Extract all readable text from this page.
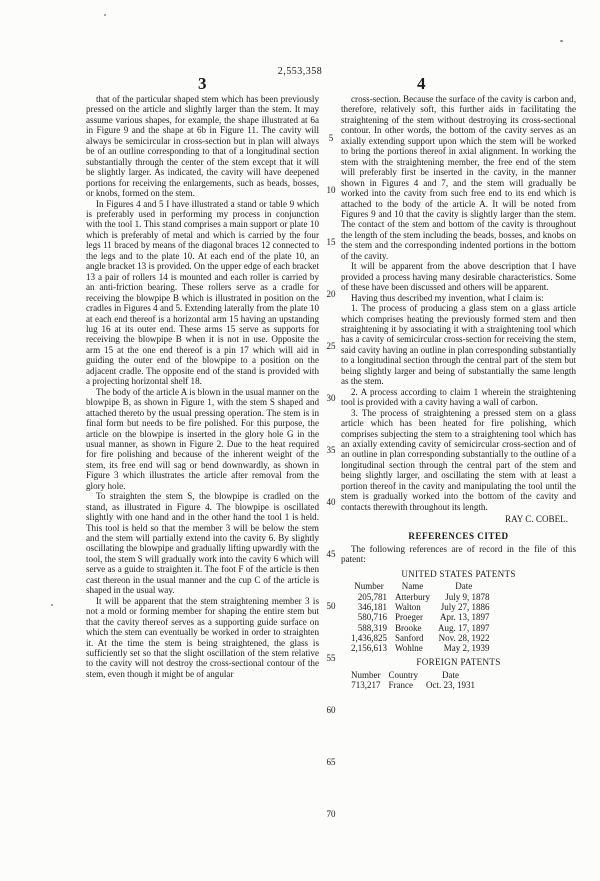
2,553,358
3	4

that of the particular shaped stem which has been previously pressed on the article and slightly larger than the stem. It may assume various shapes, for example, the shape illustrated at 6a in Figure 9 and the shape at 6b in Figure 11. The cavity will always be semicircular in cross-section but in plan will always be of an outline corresponding to that of a longitudinal section substantially through the center of the stem except that it will be slightly larger. As indicated, the cavity will have deepened portions for receiving the enlargements, such as beads, bosses, or knobs, formed on the stem.

In Figures 4 and 5 I have illustrated a stand or table 9 which is preferably used in performing my process in conjunction with the tool 1. This stand comprises a main support or plate 10 which is preferably of metal and which is carried by the four legs 11 braced by means of the diagonal braces 12 connected to the legs and to the plate 10. At each end of the plate 10, an angle bracket 13 is provided. On the upper edge of each bracket 13 a pair of rollers 14 is mounted and each roller is carried by an anti-friction bearing. These rollers serve as a cradle for receiving the blowpipe B which is illustrated in position on the cradles in Figures 4 and 5. Extending laterally from the plate 10 at each end thereof is a horizontal arm 15 having an upstanding lug 16 at its outer end. These arms 15 serve as supports for receiving the blowpipe B when it is not in use. Opposite the arm 15 at the one end thereof is a pin 17 which will aid in guiding the outer end of the blowpipe to a position on the adjacent cradle. The opposite end of the stand is provided with a projecting horizontal shelf 18.

The body of the article A is blown in the usual manner on the blowpipe B, as shown in Figure 1, with the stem S shaped and attached thereto by the usual pressing operation. The stem is in final form but needs to be fire polished. For this purpose, the article on the blowpipe is inserted in the glory hole G in the usual manner, as shown in Figure 2. Due to the heat required for fire polishing and because of the inherent weight of the stem, its free end will sag or bend downwardly, as shown in Figure 3 which illustrates the article after removal from the glory hole.

To straighten the stem S, the blowpipe is cradled on the stand, as illustrated in Figure 4. The blowpipe is oscillated slightly with one hand and in the other hand the tool 1 is held. This tool is held so that the member 3 will be below the stem and the stem will partially extend into the cavity 6. By slightly oscillating the blowpipe and gradually lifting upwardly with the tool, the stem S will gradually work into the cavity 6 which will serve as a guide to straighten it. The foot F of the article is then cast thereon in the usual manner and the cup C of the article is shaped in the usual way.

It will be apparent that the stem straightening member 3 is not a mold or forming member for shaping the entire stem but that the cavity thereof serves as a supporting guide surface on which the stem can eventually be worked in order to straighten it. At the time the stem is being straightened, the glass is sufficiently set so that the slight oscillation of the stem relative to the cavity will not destroy the cross-sectional contour of the stem, even though it might be of angular

5
10
15
20
25
30
35
40
45
50
55
60
65
70

cross-section. Because the surface of the cavity is carbon and, therefore, relatively soft, this further aids in facilitating the straightening of the stem without destroying its cross-sectional contour. In other words, the bottom of the cavity serves as an axially extending support upon which the stem will be worked to bring the portions thereof in axial alignment. In working the stem with the straightening member, the free end of the stem will preferably first be inserted in the cavity, in the manner shown in Figures 4 and 7, and the stem will gradually be worked into the cavity from such free end to its end which is attached to the body of the article A. It will be noted from Figures 9 and 10 that the cavity is slightly larger than the stem. The contact of the stem and bottom of the cavity is throughout the length of the stem including the beads, bosses, and knobs on the stem and the corresponding indented portions in the bottom of the cavity.

It will be apparent from the above description that I have provided a process having many desirable characteristics. Some of these have been discussed and others will be apparent.

Having thus described my invention, what I claim is:

1. The process of producing a glass stem on a glass article which comprises heating the previously formed stem and then straightening it by associating it with a straightening tool which has a cavity of semicircular cross-section for receiving the stem, said cavity having an outline in plan corresponding substantially to a longitudinal section through the central part of the stem but being slightly larger and being of substantially the same length as the stem.

2. A process according to claim 1 wherein the straightening tool is provided with a cavity having a wall of carbon.

3. The process of straightening a pressed stem on a glass article which has been heated for fire polishing, which comprises subjecting the stem to a straightening tool which has an axially extending cavity of semicircular cross-section and of an outline in plan corresponding substantially to the outline of a longitudinal section through the central part of the stem and being slightly larger, and oscillating the stem with at least a portion thereof in the cavity and manipulating the tool until the stem is gradually worked into the bottom of the cavity and contacts therewith throughout its length.

RAY C. COBEL.

REFERENCES CITED

The following references are of record in the file of this patent:

UNITED STATES PATENTS

Number	Name	Date
205,781	Atterbury	July 9, 1878
346,181	Walton	July 27, 1886
580,716	Proeger	Apr. 13, 1897
588,319	Brooke	Aug. 17, 1897
1,436,825	Sanford	Nov. 28, 1922
2,156,613	Wohlne	May 2, 1939

FOREIGN PATENTS

Number	Country	Date
713,217	France	Oct. 23, 1931
